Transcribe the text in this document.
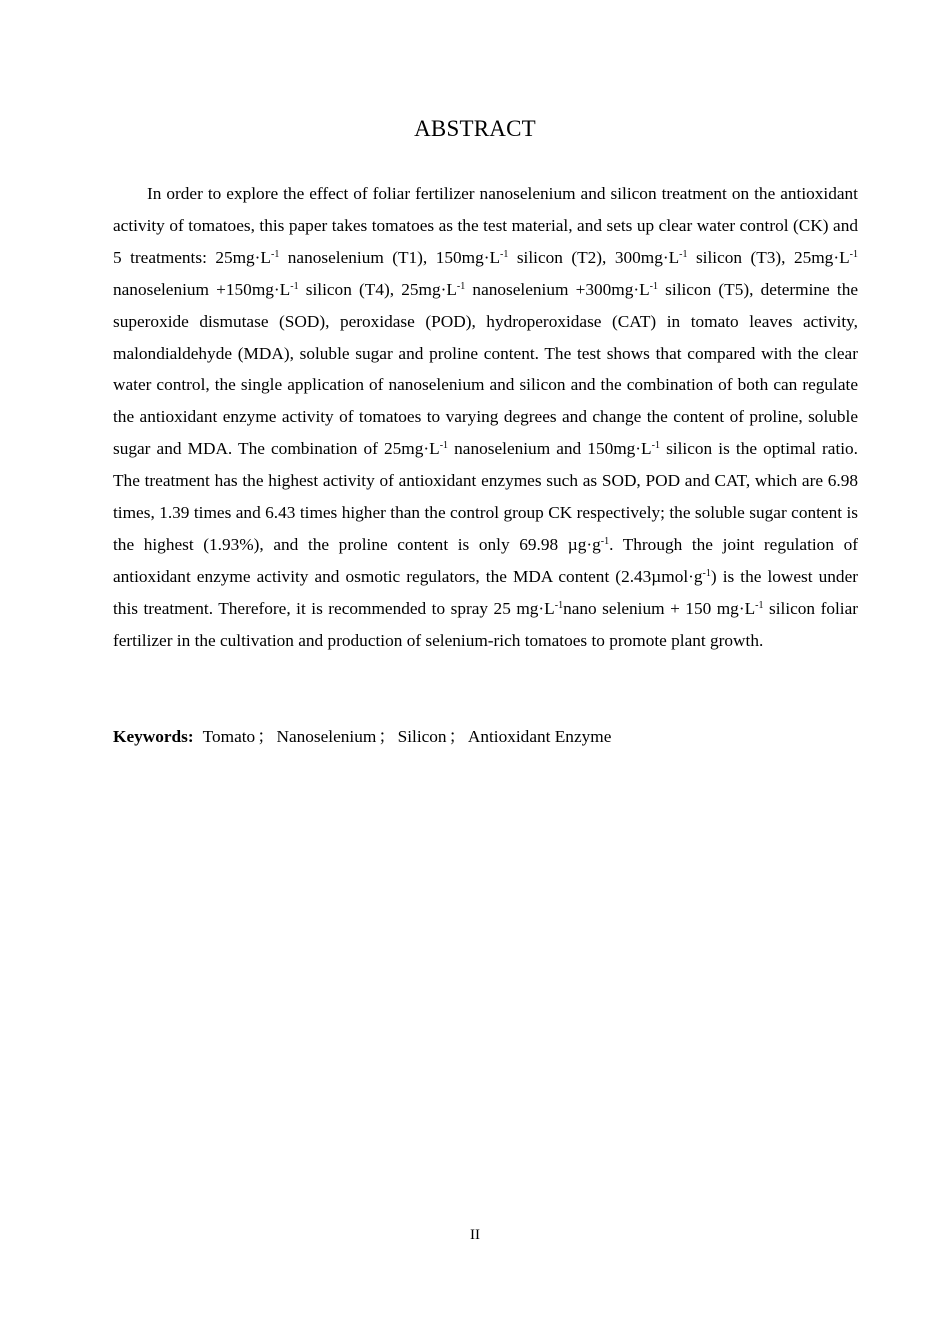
ABSTRACT

In order to explore the effect of foliar fertilizer nanoselenium and silicon treatment on the antioxidant activity of tomatoes, this paper takes tomatoes as the test material, and sets up clear water control (CK) and 5 treatments: $25mg\cdot L^{-1}$ nanoselenium (T1), $150mg\cdot L^{-1}$ silicon (T2), $300mg\cdot L^{-1}$ silicon (T3), $25mg\cdot L^{-1}$ nanoselenium $+150mg\cdot L^{-1}$ silicon (T4), $25mg\cdot L^{-1}$ nanoselenium $+300mg\cdot L^{-1}$ silicon (T5), determine the superoxide dismutase (SOD), peroxidase (POD), hydroperoxidase (CAT) in tomato leaves activity, malondialdehyde (MDA), soluble sugar and proline content. The test shows that compared with the clear water control, the single application of nanoselenium and silicon and the combination of both can regulate the antioxidant enzyme activity of tomatoes to varying degrees and change the content of proline, soluble sugar and MDA. The combination of $25mg\cdot L^{-1}$ nanoselenium and $150mg\cdot L^{-1}$ silicon is the optimal ratio. The treatment has the highest activity of antioxidant enzymes such as SOD, POD and CAT, which are 6.98 times, 1.39 times and 6.43 times higher than the control group CK respectively; the soluble sugar content is the highest (1.93%), and the proline content is only 69.98 $\mu g\cdot g^{-1}$. Through the joint regulation of antioxidant enzyme activity and osmotic regulators, the MDA content $(2.43\mu mol\cdot g^{-1})$ is the lowest under this treatment. Therefore, it is recommended to spray 25 $mg\cdot L^{-1}nano$ selenium + 150 $mg\cdot L^{-1}$ silicon foliar fertilizer in the cultivation and production of selenium-rich tomatoes to promote plant growth.

Keywords: Tomato ； Nanoselenium ； Silicon ； Antioxidant Enzyme
II
